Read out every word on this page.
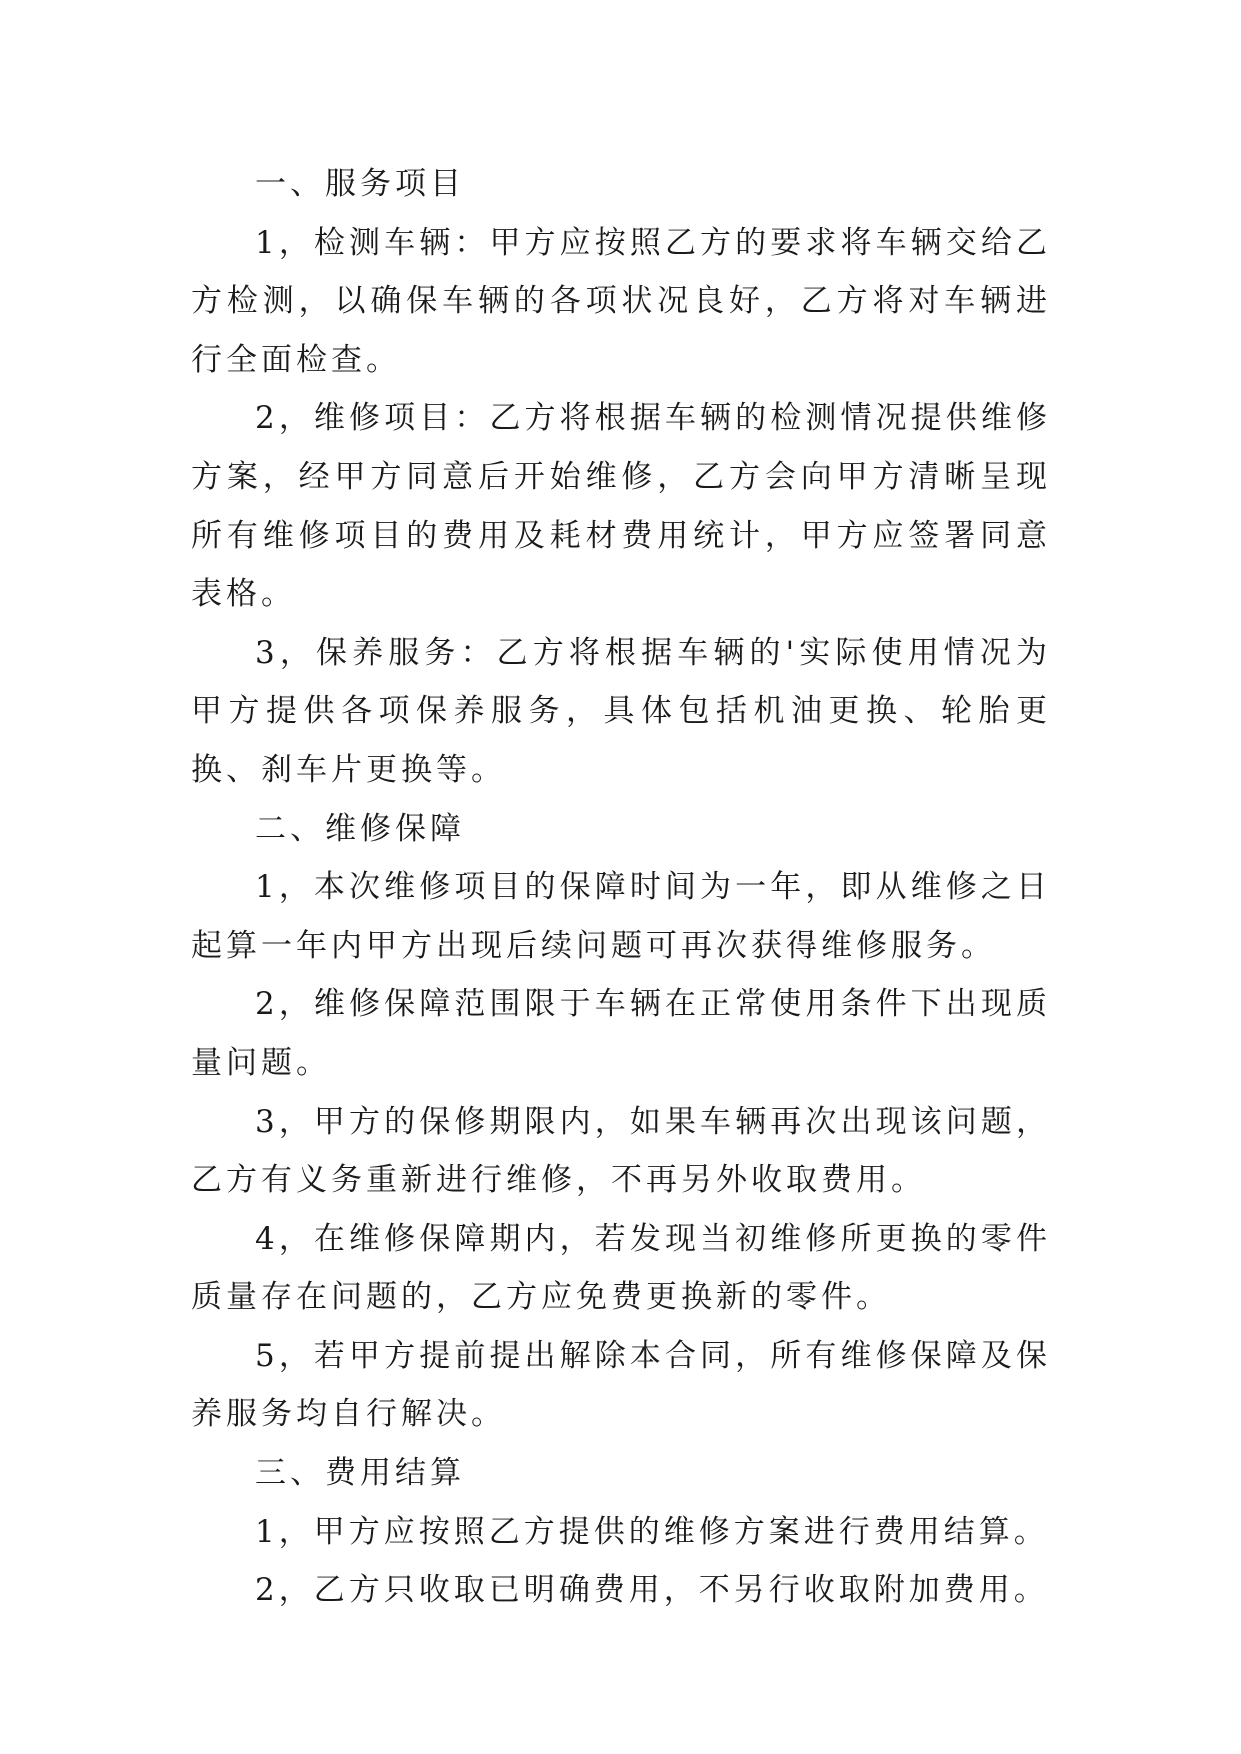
一、服务项目

1，检测车辆：甲方应按照乙方的要求将车辆交给乙方检测，以确保车辆的各项状况良好，乙方将对车辆进行全面检查。

2，维修项目：乙方将根据车辆的检测情况提供维修方案，经甲方同意后开始维修，乙方会向甲方清晰呈现所有维修项目的费用及耗材费用统计，甲方应签署同意表格。

3，保养服务：乙方将根据车辆的'实际使用情况为甲方提供各项保养服务，具体包括机油更换、轮胎更换、刹车片更换等。

二、维修保障

1，本次维修项目的保障时间为一年，即从维修之日起算一年内甲方出现后续问题可再次获得维修服务。

2，维修保障范围限于车辆在正常使用条件下出现质量问题。

3，甲方的保修期限内，如果车辆再次出现该问题，乙方有义务重新进行维修，不再另外收取费用。

4，在维修保障期内，若发现当初维修所更换的零件质量存在问题的，乙方应免费更换新的零件。

5，若甲方提前提出解除本合同，所有维修保障及保养服务均自行解决。

三、费用结算

1，甲方应按照乙方提供的维修方案进行费用结算。

2，乙方只收取已明确费用，不另行收取附加费用。
